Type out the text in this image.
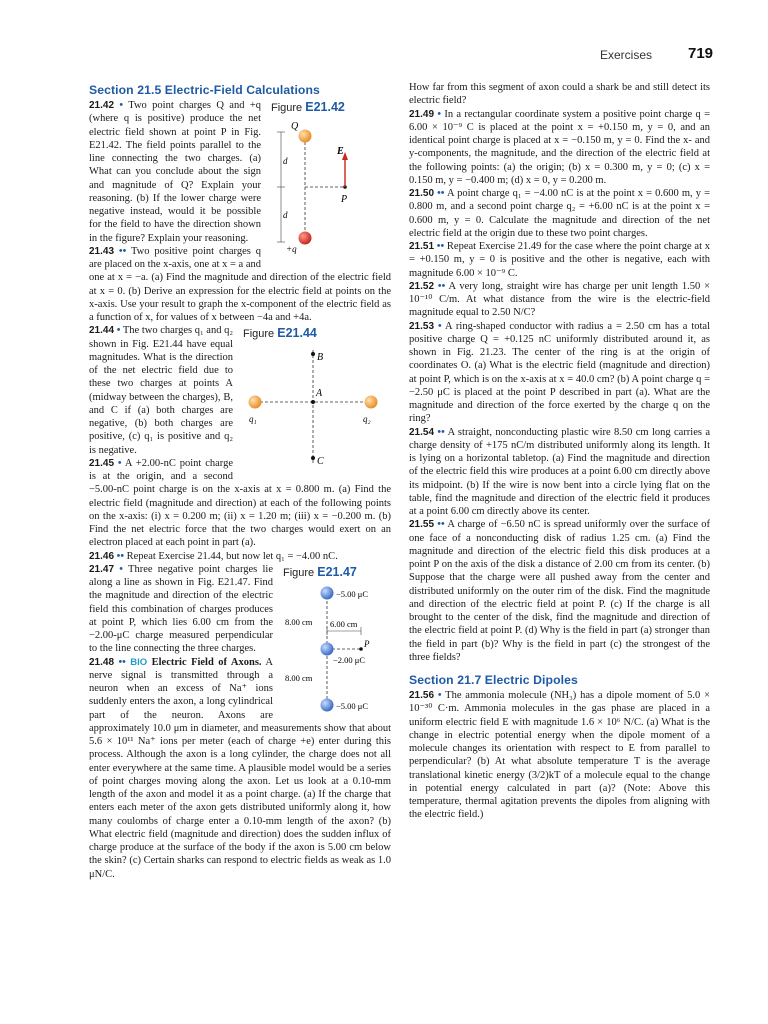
Exercises 719
Section 21.5 Electric-Field Calculations
Figure E21.42
Q
E
P
d
d
+q

21.42 • Two point charges Q and +q (where q is positive) produce the net electric field shown at point P in Fig. E21.42. The field points parallel to the line connecting the two charges. (a) What can you conclude about the sign and magnitude of Q? Explain your reasoning. (b) If the lower charge were negative instead, would it be possible for the field to have the direction shown in the figure? Explain your reasoning.

21.43 •• Two positive point charges q are placed on the x-axis, one at x = a and one at x = −a. (a) Find the magnitude and direction of the electric field at x = 0. (b) Derive an expression for the electric field at points on the x-axis. Use your result to graph the x-component of the electric field as a function of x, for values of x between −4a and +4a.

Figure E21.44
B
A
C
q₁	q₂

21.44 • The two charges q₁ and q₂ shown in Fig. E21.44 have equal magnitudes. What is the direction of the net electric field due to these two charges at points A (midway between the charges), B, and C if (a) both charges are negative, (b) both charges are positive, (c) q₁ is positive and q₂ is negative.

21.45 • A +2.00-nC point charge is at the origin, and a second −5.00-nC point charge is on the x-axis at x = 0.800 m. (a) Find the electric field (magnitude and direction) at each of the following points on the x-axis: (i) x = 0.200 m; (ii) x = 1.20 m; (iii) x = −0.200 m. (b) Find the net electric force that the two charges would exert on an electron placed at each point in part (a).

21.46 •• Repeat Exercise 21.44, but now let q₁ = −4.00 nC.

Figure E21.47
−5.00 μC
−2.00 μC
−5.00 μC
8.00 cm
8.00 cm
6.00 cm
P

21.47 • Three negative point charges lie along a line as shown in Fig. E21.47. Find the magnitude and direction of the electric field this combination of charges produces at point P, which lies 6.00 cm from the −2.00-μC charge measured perpendicular to the line connecting the three charges.

21.48 •• BIO Electric Field of Axons. A nerve signal is transmitted through a neuron when an excess of Na⁺ ions suddenly enters the axon, a long cylindrical part of the neuron. Axons are approximately 10.0 μm in diameter, and measurements show that about 5.6 × 10¹¹ Na⁺ ions per meter (each of charge +e) enter during this process. Although the axon is a long cylinder, the charge does not all enter everywhere at the same time. A plausible model would be a series of point charges moving along the axon. Let us look at a 0.10-mm length of the axon and model it as a point charge. (a) If the charge that enters each meter of the axon gets distributed uniformly along it, how many coulombs of charge enter a 0.10-mm length of the axon? (b) What electric field (magnitude and direction) does the sudden influx of charge produce at the surface of the body if the axon is 5.00 cm below the skin? (c) Certain sharks can respond to electric fields as weak as 1.0 μN/C.

How far from this segment of axon could a shark be and still detect its electric field?

21.49 • In a rectangular coordinate system a positive point charge q = 6.00 × 10⁻⁹ C is placed at the point x = +0.150 m, y = 0, and an identical point charge is placed at x = −0.150 m, y = 0. Find the x- and y-components, the magnitude, and the direction of the electric field at the following points: (a) the origin; (b) x = 0.300 m, y = 0; (c) x = 0.150 m, y = −0.400 m; (d) x = 0, y = 0.200 m.

21.50 •• A point charge q₁ = −4.00 nC is at the point x = 0.600 m, y = 0.800 m, and a second point charge q₂ = +6.00 nC is at the point x = 0.600 m, y = 0. Calculate the magnitude and direction of the net electric field at the origin due to these two point charges.

21.51 •• Repeat Exercise 21.49 for the case where the point charge at x = +0.150 m, y = 0 is positive and the other is negative, each with magnitude 6.00 × 10⁻⁹ C.

21.52 •• A very long, straight wire has charge per unit length 1.50 × 10⁻¹⁰ C/m. At what distance from the wire is the electric-field magnitude equal to 2.50 N/C?

21.53 • A ring-shaped conductor with radius a = 2.50 cm has a total positive charge Q = +0.125 nC uniformly distributed around it, as shown in Fig. 21.23. The center of the ring is at the origin of coordinates O. (a) What is the electric field (magnitude and direction) at point P, which is on the x-axis at x = 40.0 cm? (b) A point charge q = −2.50 μC is placed at the point P described in part (a). What are the magnitude and direction of the force exerted by the charge q on the ring?

21.54 •• A straight, nonconducting plastic wire 8.50 cm long carries a charge density of +175 nC/m distributed uniformly along its length. It is lying on a horizontal tabletop. (a) Find the magnitude and direction of the electric field this wire produces at a point 6.00 cm directly above its midpoint. (b) If the wire is now bent into a circle lying flat on the table, find the magnitude and direction of the electric field it produces at a point 6.00 cm directly above its center.

21.55 •• A charge of −6.50 nC is spread uniformly over the surface of one face of a nonconducting disk of radius 1.25 cm. (a) Find the magnitude and direction of the electric field this disk produces at a point P on the axis of the disk a distance of 2.00 cm from its center. (b) Suppose that the charge were all pushed away from the center and distributed uniformly on the outer rim of the disk. Find the magnitude and direction of the electric field at point P. (c) If the charge is all brought to the center of the disk, find the magnitude and direction of the electric field at point P. (d) Why is the field in part (a) stronger than the field in part (b)? Why is the field in part (c) the strongest of the three fields?

Section 21.7 Electric Dipoles

21.56 • The ammonia molecule (NH₃) has a dipole moment of 5.0 × 10⁻³⁰ C·m. Ammonia molecules in the gas phase are placed in a uniform electric field E with magnitude 1.6 × 10⁶ N/C. (a) What is the change in electric potential energy when the dipole moment of a molecule changes its orientation with respect to E from parallel to perpendicular? (b) At what absolute temperature T is the average translational kinetic energy (3/2)kT of a molecule equal to the change in potential energy calculated in part (a)? (Note: Above this temperature, thermal agitation prevents the dipoles from aligning with the electric field.)
